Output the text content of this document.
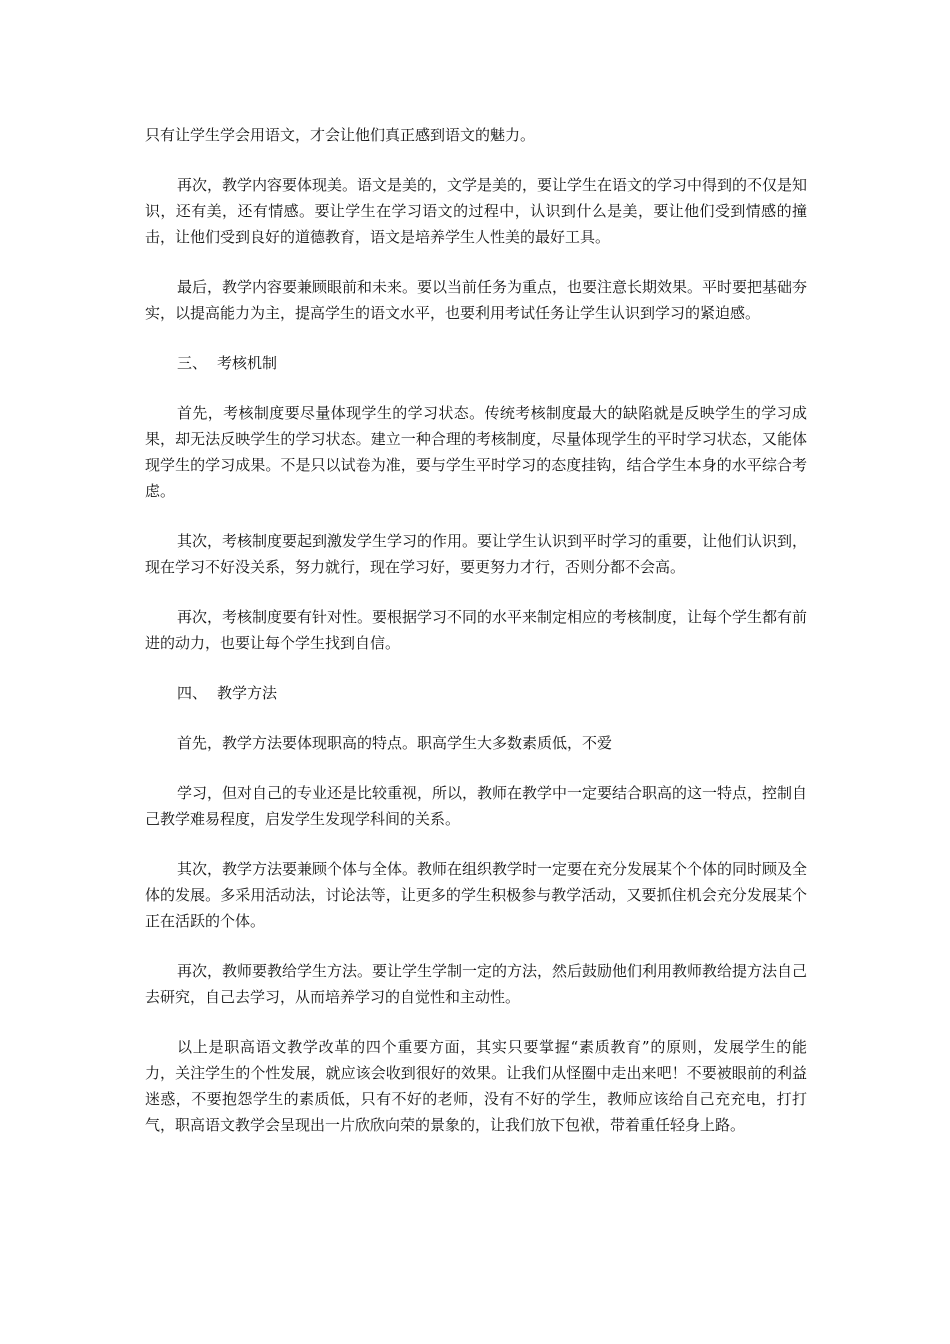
只有让学生学会用语文，才会让他们真正感到语文的魅力。

再次，教学内容要体现美。语文是美的，文学是美的，要让学生在语文的学习中得到的不仅是知识，还有美，还有情感。要让学生在学习语文的过程中，认识到什么是美，要让他们受到情感的撞击，让他们受到良好的道德教育，语文是培养学生人性美的最好工具。

最后，教学内容要兼顾眼前和未来。要以当前任务为重点，也要注意长期效果。平时要把基础夯实，以提高能力为主，提高学生的语文水平，也要利用考试任务让学生认识到学习的紧迫感。

三、 考核机制

首先，考核制度要尽量体现学生的学习状态。传统考核制度最大的缺陷就是反映学生的学习成果，却无法反映学生的学习状态。建立一种合理的考核制度，尽量体现学生的平时学习状态，又能体现学生的学习成果。不是只以试卷为准，要与学生平时学习的态度挂钩，结合学生本身的水平综合考虑。

其次，考核制度要起到激发学生学习的作用。要让学生认识到平时学习的重要，让他们认识到，现在学习不好没关系，努力就行，现在学习好，要更努力才行，否则分都不会高。

再次，考核制度要有针对性。要根据学习不同的水平来制定相应的考核制度，让每个学生都有前进的动力，也要让每个学生找到自信。

四、 教学方法

首先，教学方法要体现职高的特点。职高学生大多数素质低，不爱

学习，但对自己的专业还是比较重视，所以，教师在教学中一定要结合职高的这一特点，控制自己教学难易程度，启发学生发现学科间的关系。

其次，教学方法要兼顾个体与全体。教师在组织教学时一定要在充分发展某个个体的同时顾及全体的发展。多采用活动法，讨论法等，让更多的学生积极参与教学活动，又要抓住机会充分发展某个正在活跃的个体。

再次，教师要教给学生方法。要让学生学制一定的方法，然后鼓励他们利用教师教给提方法自己去研究，自己去学习，从而培养学习的自觉性和主动性。

以上是职高语文教学改革的四个重要方面，其实只要掌握“素质教育”的原则，发展学生的能力，关注学生的个性发展，就应该会收到很好的效果。让我们从怪圈中走出来吧！不要被眼前的利益迷惑，不要抱怨学生的素质低，只有不好的老师，没有不好的学生，教师应该给自己充充电，打打气，职高语文教学会呈现出一片欣欣向荣的景象的，让我们放下包袱，带着重任轻身上路。
